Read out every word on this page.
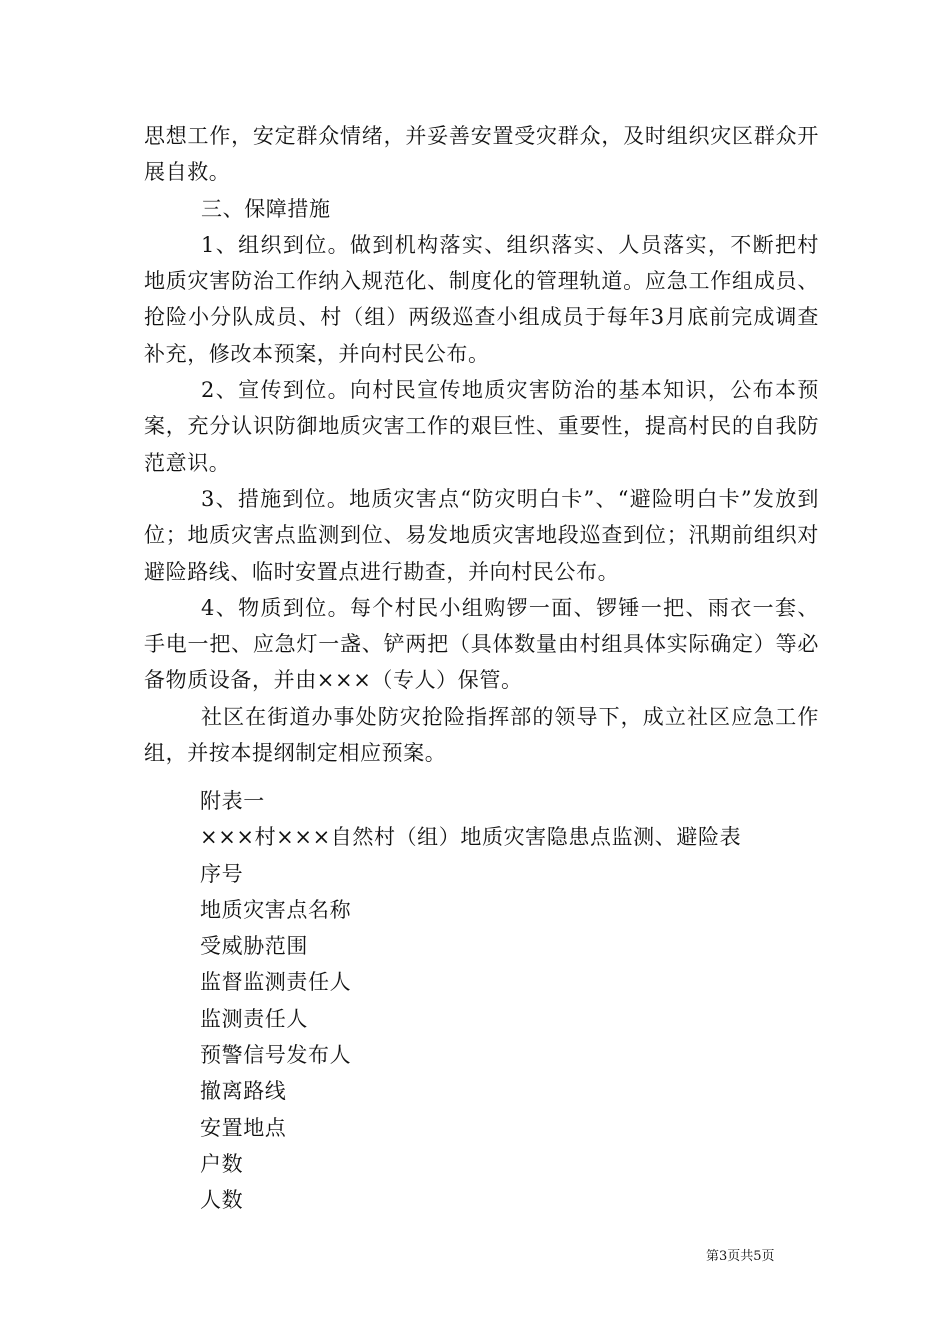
思想工作，安定群众情绪，并妥善安置受灾群众，及时组织灾区群众开展自救。

三、保障措施

1、组织到位。做到机构落实、组织落实、人员落实，不断把村地质灾害防治工作纳入规范化、制度化的管理轨道。应急工作组成员、抢险小分队成员、村（组）两级巡查小组成员于每年3月底前完成调查补充，修改本预案，并向村民公布。

2、宣传到位。向村民宣传地质灾害防治的基本知识，公布本预案，充分认识防御地质灾害工作的艰巨性、重要性，提高村民的自我防范意识。

3、措施到位。地质灾害点“防灾明白卡”、“避险明白卡”发放到位；地质灾害点监测到位、易发地质灾害地段巡查到位；汛期前组织对避险路线、临时安置点进行勘查，并向村民公布。

4、物质到位。每个村民小组购锣一面、锣锤一把、雨衣一套、手电一把、应急灯一盏、铲两把（具体数量由村组具体实际确定）等必备物质设备，并由×××（专人）保管。

社区在街道办事处防灾抢险指挥部的领导下，成立社区应急工作组，并按本提纲制定相应预案。

附表一
×××村×××自然村（组）地质灾害隐患点监测、避险表
序号
地质灾害点名称
受威胁范围
监督监测责任人
监测责任人
预警信号发布人
撤离路线
安置地点
户数
人数
第3页共5页
